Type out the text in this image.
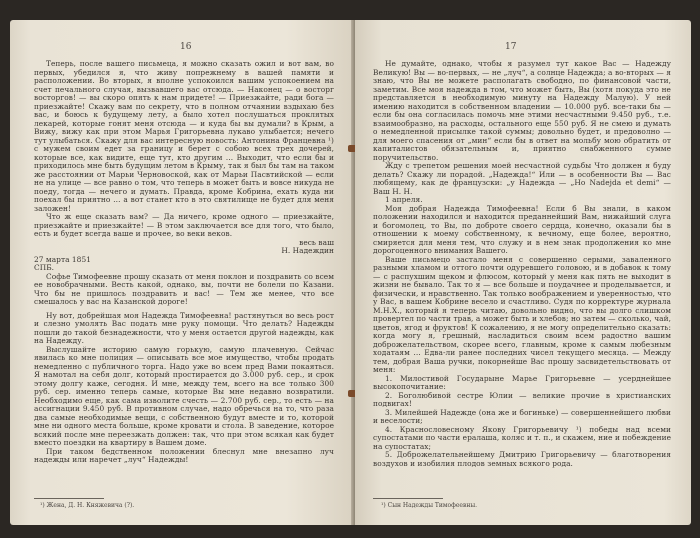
16

Теперь, после вашего письмеца, я можно сказать ожил и вот вам, во первых, убедился я, что живу попрежнему в вашей памяти и расположении. Во вторых, я вполне успокоился вашим успокоением на счет печального случая, вызвавшего вас отсюда. — Наконец — о восторг восторгов! — вы скоро опять к нам придете! — Приезжайте, ради бога — приезжайте! Скажу вам по секрету, что в полном отчаянии вздыхаю без вас, и боюсь к будущему лету, а было хотел послушаться проклятых лекарей, которые гонят меня отсюда — и куда бы вы думали? в Крым, а Вижу, вижу как при этом Марья Григорьевна лукаво улыбается; нечего тут улыбаться. Скажу для вас интересную новость: Антонина Францевна ¹) с мужем своим едет за границу и берет с собою всех трех дочерей, которые все, как видите, еще тут, кто другим … Выходит, что если бы и приходилось мне быть будущим летом в Крыму, так я был бы там на таком же расстоянии от Марьи Черновоской, как от Марьи Пасвтийской — если не на улице — все равно о том, что теперь в может быть и вовсе никуда не поеду, тогда — нечего и думать. Правда, кроме Кобрина, ехать куда ни поехал бы приятно … а вот станет кто в это святилище не будет для меня заложен!

Что ж еще сказать вам? — Да ничего, кроме одного — приезжайте, приезжайте и приезжайте! — В этом заключается все для того, что было, есть и будет всегда ваше и прочее, во веки веков.

весь ваш
Н. Надеждин

27 марта 1851

СПБ.

Софье Тимофеевне прошу сказать от меня поклон и поздравить со всем ее новобрачными. Весть какой, однако, вы, почти не болели по Казани. Что бы не пришлось поздравить и вас! — Тем же менее, что все смешалось у вас на Казанской дороге!

Ну вот, добрейшая моя Надежда Тимофеевна! растянуться во весь рост и слезно умолять Вас подать мне руку помощи. Что делать? Надежды пошли до такой безнадежности, что у меня остается другой надежды, как на Надежду.

Выслушайте историю самую горькую, самую плачевную. Сейчас явилась ко мне полиция — описывать все мое имущество, чтобы продать немедленно с публичного торга. Надо уже во всем пред Вами покаяться. Я намотал на себя долг, который простирается до 3.000 руб. сер., и срок этому долгу каже, сегодня. И мне, между тем, всего на все только 300 руб. сер. именно теперь самые, которые Вы мне недавно возвратили. Необходимо еще, как сама изволите счесть — 2.700 руб. сер., то есть — на ассигнации 9.450 руб. В противном случае, надо обречься на то, что раза два самые необходимые вещи, с собственною будут вместе и то, которой мне ни одного места больше, кроме кровати и стола. В заведение, которое всякий после мне переезжать должен: так, что при этом всякая как будет вместо поездки на квартиру в Вашем доме.

При таком бедственном положении блеснул мне внезапно луч надежды или наречет „луч“ Надежды!

¹) Жена, Д. Н. Княжевича (?).
17

Не думайте, однако, чтобы я разумел тут какое Вас — Надежду Великую! Вы — во-первых, — не „луч“, а солнце Надежда; а во-вторых — я знаю, что Вы не можете располагать свободно, по финансовой части, заметим. Все моя надежда в том, что может быть, Вы (хотя покуда это не представляется в необходимую минуту на Надежду Малую). У ней имению находится в собственном владении — 10.000 руб. все-таки бы — если бы она согласилась помочь мне этими несчастными 9.450 руб., т.е. взаимообразно, на расходы, остального еще 550 руб. Я не смею и думать о немедленной присылке такой суммы; довольно будет, и предоволно — для моего спасения от „мин“ если бы в ответ на мольбу мою обратить от капиталистов обязательным и, приятно снабженного сумме поручительство.

Жду с трепетом решения моей несчастной судьбы Что должен я буду делать? Скажу ли порадой. „Надежда!“ Или — в особенности Вы — Вас любящему, как де французски: „у Надежда — „Но Nadejda et demi“ — Ваш Н. Н.

1 апреля.

Моя добрая Надежда Тимофеевна! Если б Вы знали, в каком положении находился и находится преданнейший Вам, нижайший слуга и богомолец, то Вы, по доброте своего сердца, конечно, оказали бы в отношении к моему собственному, к вечному, еще более, вероятно, смиряется для меня тем, что служу и в нем знак продолжения ко мне дорогоценного внимания Вашего.

Ваше письмецо застало меня с совершенно серыми, заваленного разными хламом и оттого почти одуревшего головою, и в добавок к тому — с распухшим щеком и флюсом, который у меня как пять не выходит в жизни не бывало. Так то я — все больше и поудачнее и проделывается, и физически, и нравственно. Так только воображением и уверенностью, что у Вас, в вашем Кобрине весело и счастливо. Судя по корректуре журнала М.Н.Х., который я теперь читаю, довольно видно, что вы долго слишком провертел по части трав, а может быть и хлебов; но затем — сколько, чай, цветов, ягод и фруктов! К сожалению, я не могу определительно сказать: когда могу я, грешный, насладиться своим всем радостно вашим доброжелательством, скорее всего, главным, кроме к самым любезным ходатаям … Едва-ли ранее последних чисел текущего месяца. — Между тем, добрая Ваша ручки, покорнейше Вас прошу засвидетельствовать от меня:

1. Милостивой Государыне Марье Григорьевне — усерднейшее высокопочитание:

2. Боголюбивой сестре Юлии — великие прочие в христианских подвигах!

3. Милейшей Надежде (она же и богиньке) — совершеннейшего любви и веселости;

4. Краснословесному Якову Григорьевичу ¹) победы над всеми супостатами по части ералаша, коляс и т. п., и скажем, ние и побеждение на супостатах;

5. Доброжелательнейшему Дмитрию Григорьевичу — благотворения воздухов и изобилия плодов земных всякого рода.

¹) Сын Надежды Тимофеевны.
